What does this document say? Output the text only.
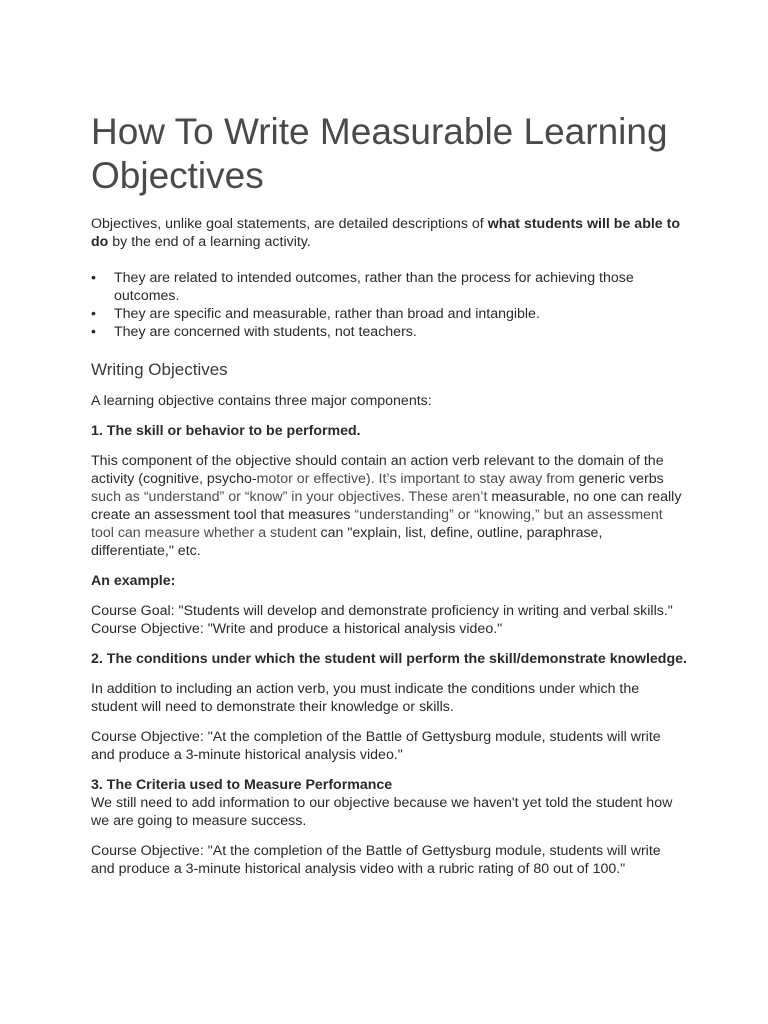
How To Write Measurable Learning Objectives

Objectives, unlike goal statements, are detailed descriptions of what students will be able to do by the end of a learning activity.

• They are related to intended outcomes, rather than the process for achieving those outcomes.
• They are specific and measurable, rather than broad and intangible.
• They are concerned with students, not teachers.
Writing Objectives

A learning objective contains three major components:

1. The skill or behavior to be performed.

This component of the objective should contain an action verb relevant to the domain of the activity (cognitive, psycho-motor or effective). It’s important to stay away from generic verbs such as “understand” or “know” in your objectives. These aren’t measurable, no one can really create an assessment tool that measures “understanding” or “knowing,” but an assessment tool can measure whether a student can "explain, list, define, outline, paraphrase, differentiate," etc.

An example:

Course Goal: "Students will develop and demonstrate proficiency in writing and verbal skills."
Course Objective: "Write and produce a historical analysis video."

2. The conditions under which the student will perform the skill/demonstrate knowledge.

In addition to including an action verb, you must indicate the conditions under which the student will need to demonstrate their knowledge or skills.

Course Objective: "At the completion of the Battle of Gettysburg module, students will write and produce a 3-minute historical analysis video."

3. The Criteria used to Measure Performance

We still need to add information to our objective because we haven't yet told the student how we are going to measure success.

Course Objective: "At the completion of the Battle of Gettysburg module, students will write and produce a 3-minute historical analysis video with a rubric rating of 80 out of 100."
